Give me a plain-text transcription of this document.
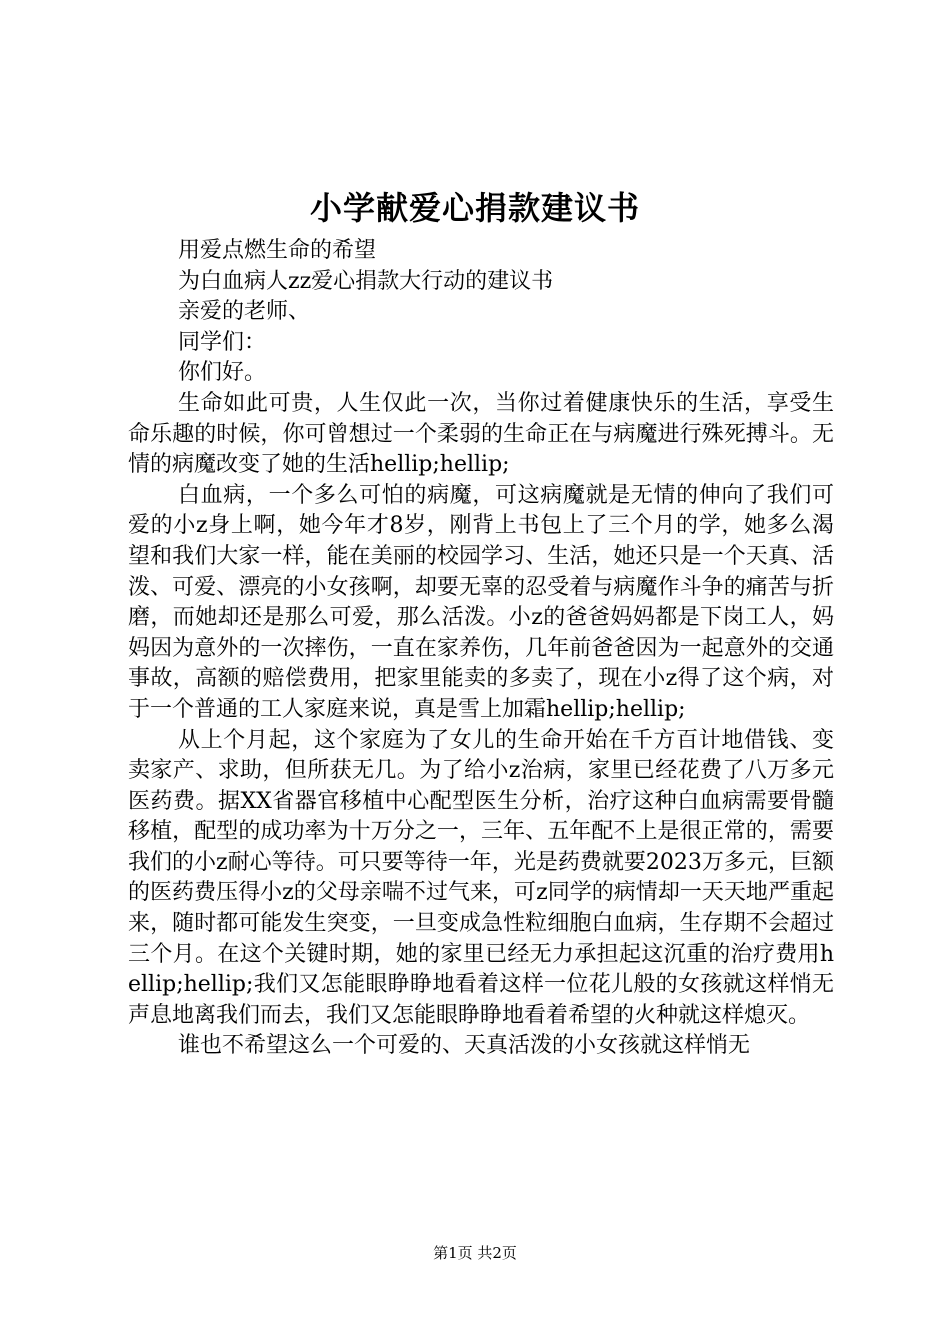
小学献爱心捐款建议书

用爱点燃生命的希望

为白血病人zz爱心捐款大行动的建议书

亲爱的老师、

同学们：

你们好。

生命如此可贵，人生仅此一次，当你过着健康快乐的生活，享受生命乐趣的时候，你可曾想过一个柔弱的生命正在与病魔进行殊死搏斗。无情的病魔改变了她的生活hellip;hellip;

白血病，一个多么可怕的病魔，可这病魔就是无情的伸向了我们可爱的小z身上啊，她今年才8岁，刚背上书包上了三个月的学，她多么渴望和我们大家一样，能在美丽的校园学习、生活，她还只是一个天真、活泼、可爱、漂亮的小女孩啊，却要无辜的忍受着与病魔作斗争的痛苦与折磨，而她却还是那么可爱，那么活泼。小z的爸爸妈妈都是下岗工人，妈妈因为意外的一次摔伤，一直在家养伤，几年前爸爸因为一起意外的交通事故，高额的赔偿费用，把家里能卖的多卖了，现在小z得了这个病，对于一个普通的工人家庭来说，真是雪上加霜hellip;hellip;

从上个月起，这个家庭为了女儿的生命开始在千方百计地借钱、变卖家产、求助，但所获无几。为了给小z治病，家里已经花费了八万多元医药费。据XX省器官移植中心配型医生分析，治疗这种白血病需要骨髓移植，配型的成功率为十万分之一，三年、五年配不上是很正常的，需要我们的小z耐心等待。可只要等待一年，光是药费就要2023万多元，巨额的医药费压得小z的父母亲喘不过气来，可z同学的病情却一天天地严重起来，随时都可能发生突变，一旦变成急性粒细胞白血病，生存期不会超过三个月。在这个关键时期，她的家里已经无力承担起这沉重的治疗费用hellip;hellip;我们又怎能眼睁睁地看着这样一位花儿般的女孩就这样悄无声息地离我们而去，我们又怎能眼睁睁地看着希望的火种就这样熄灭。

谁也不希望这么一个可爱的、天真活泼的小女孩就这样悄无

第1页 共2页
